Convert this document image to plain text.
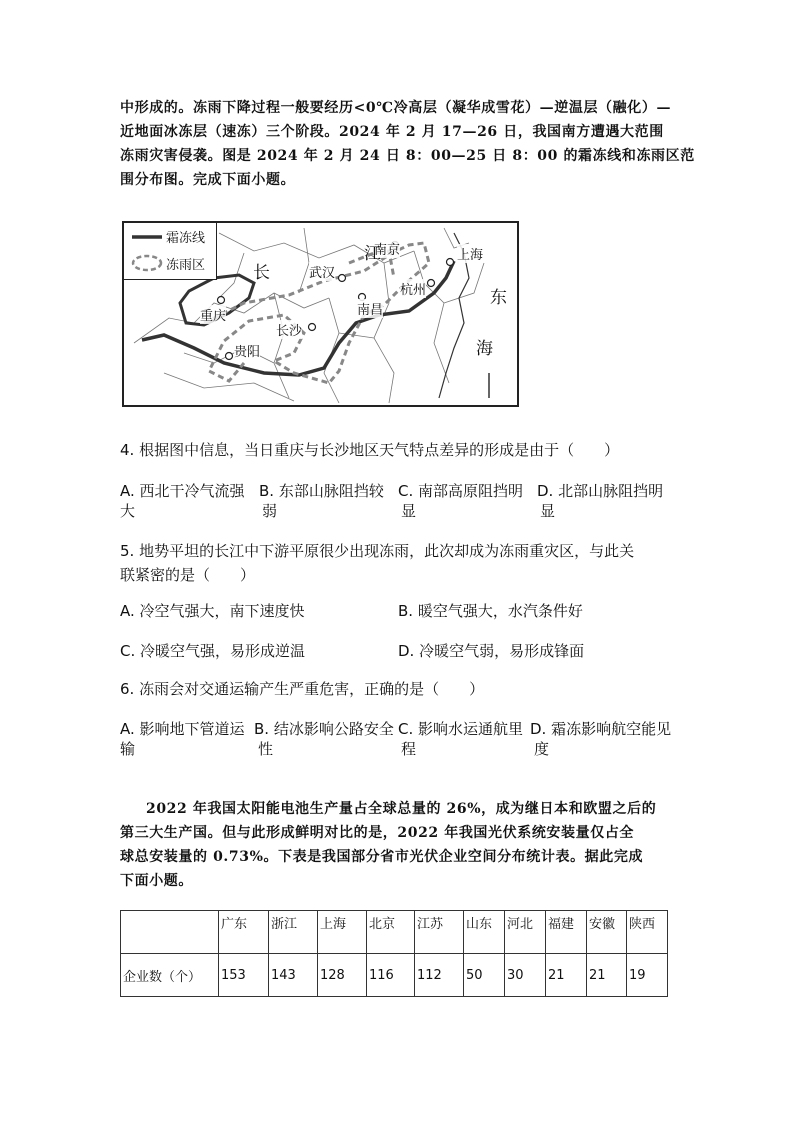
中形成的。冻雨下降过程一般要经历<0℃冷高层（凝华成雪花）—逆温层（融化）—
近地面冰冻层（速冻）三个阶段。2024 年 2 月 17—26 日，我国南方遭遇大范围
冻雨灾害侵袭。图是 2024 年 2 月 24 日 8：00—25 日 8：00 的霜冻线和冻雨区范
围分布图。完成下面小题。
霜冻线
冻雨区
南京	上海
武汉
杭州
南昌
重庆
长沙
贵阳
长
江
东
海
4. 根据图中信息，当日重庆与长沙地区天气特点差异的形成是由于（　　）
A. 西北干冷气流强
大
B. 东部山脉阻挡较
弱
C. 南部高原阻挡明
显
D. 北部山脉阻挡明
显
5. 地势平坦的长江中下游平原很少出现冻雨，此次却成为冻雨重灾区，与此关
联紧密的是（　　）
A. 冷空气强大，南下速度快	B. 暖空气强大，水汽条件好
C. 冷暖空气强，易形成逆温	D. 冷暖空气弱，易形成锋面
6. 冻雨会对交通运输产生严重危害，正确的是（　　）
A. 影响地下管道运
输
B. 结冰影响公路安全
性
C. 影响水运通航里
程
D. 霜冻影响航空能见
度
2022 年我国太阳能电池生产量占全球总量的 26%，成为继日本和欧盟之后的
第三大生产国。但与此形成鲜明对比的是，2022 年我国光伏系统安装量仅占全
球总安装量的 0.73%。下表是我国部分省市光伏企业空间分布统计表。据此完成
下面小题。
	广东	浙江	上海	北京	江苏	山东	河北	福建	安徽	陕西
企业数（个）	153	143	128	116	112	50	30	21	21	19
